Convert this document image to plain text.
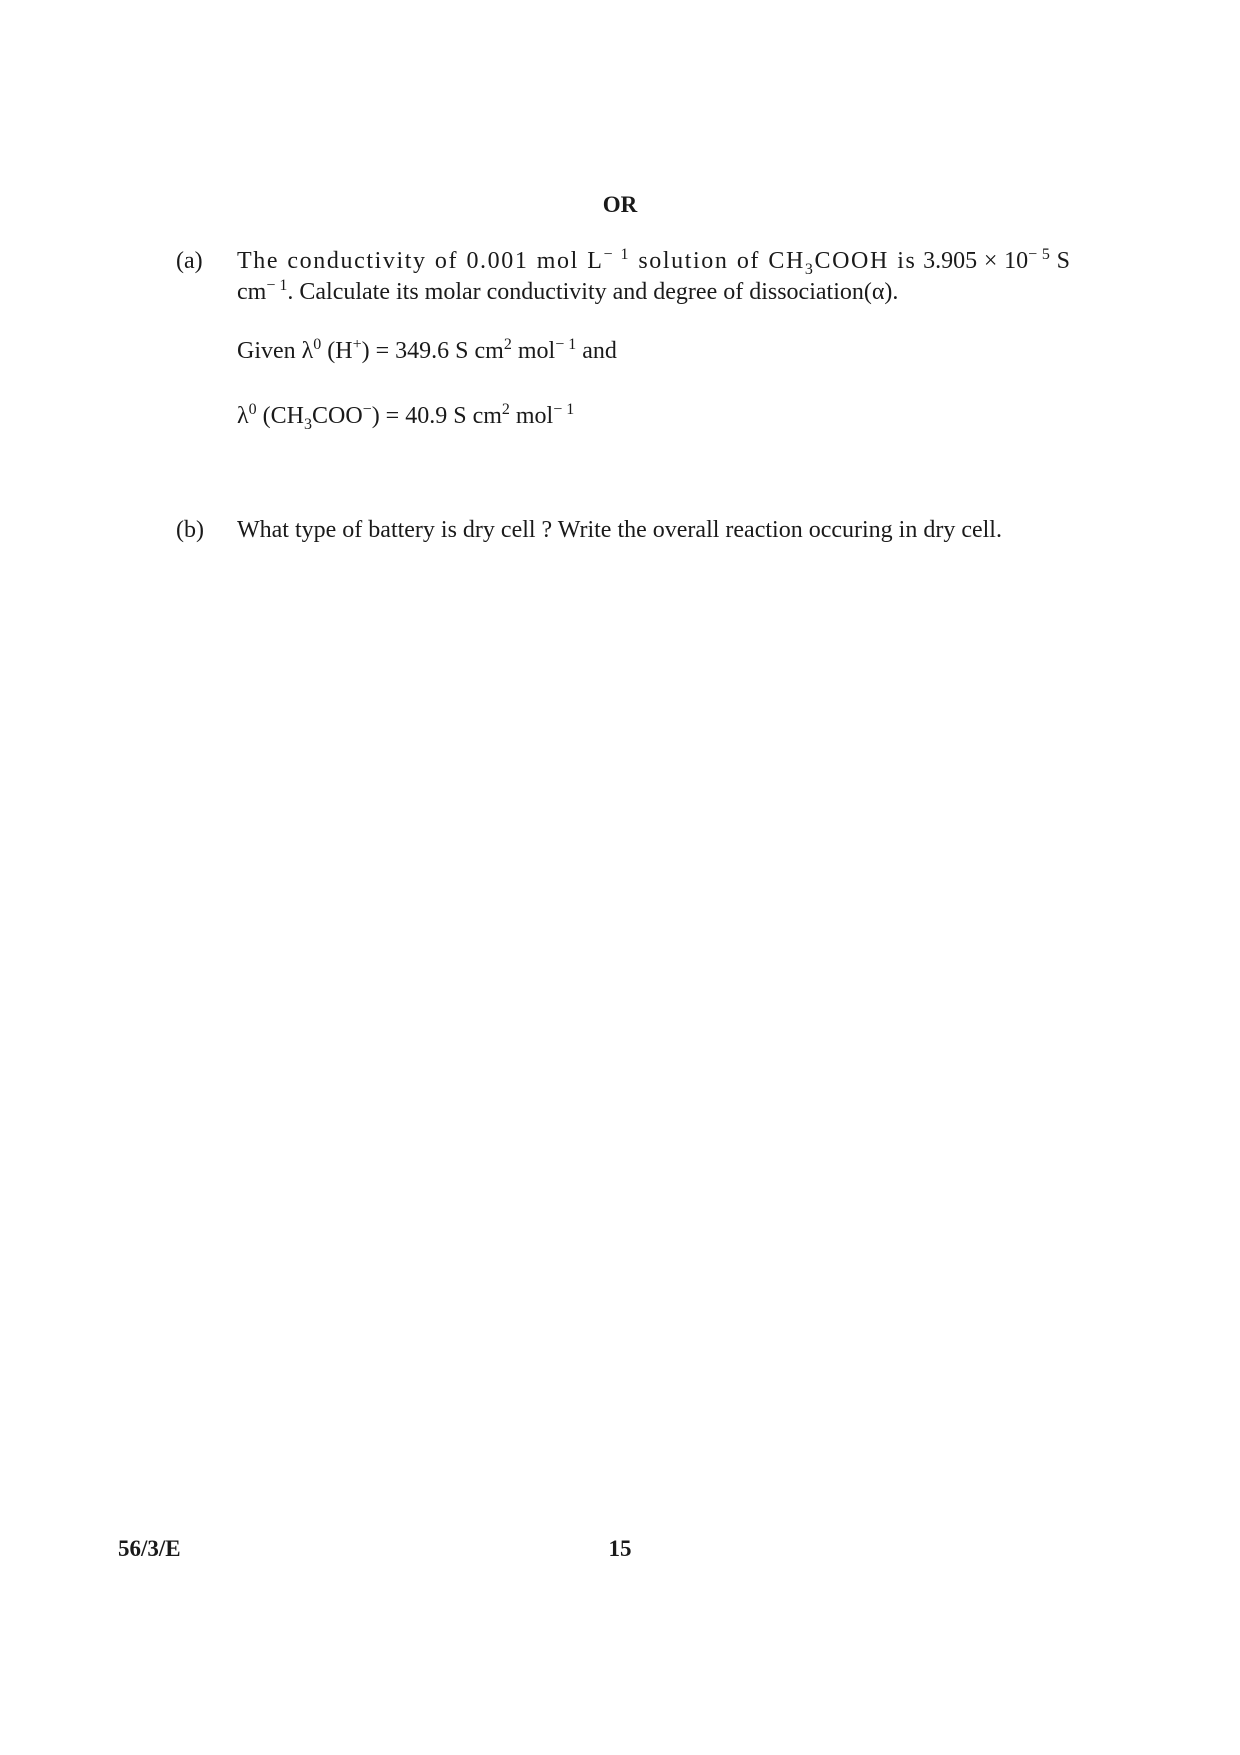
OR
(a) The conductivity of 0.001 mol $L^{- 1}$ solution of $CH_3COOH$ is $3.905 \times 10^{- 5}$ S $cm^{- 1}$. Calculate its molar conductivity and degree of dissociation(α).

Given $\lambda^0$ (H+) = 349.6 S $cm^2$ mol$^{- 1}$ and

$\lambda^0$ $(CH_3COO^-) = 40.9$ S $cm^2$ mol$^{- 1}$

(b) What type of battery is dry cell ? Write the overall reaction occuring in dry cell.

56/3/E	15
